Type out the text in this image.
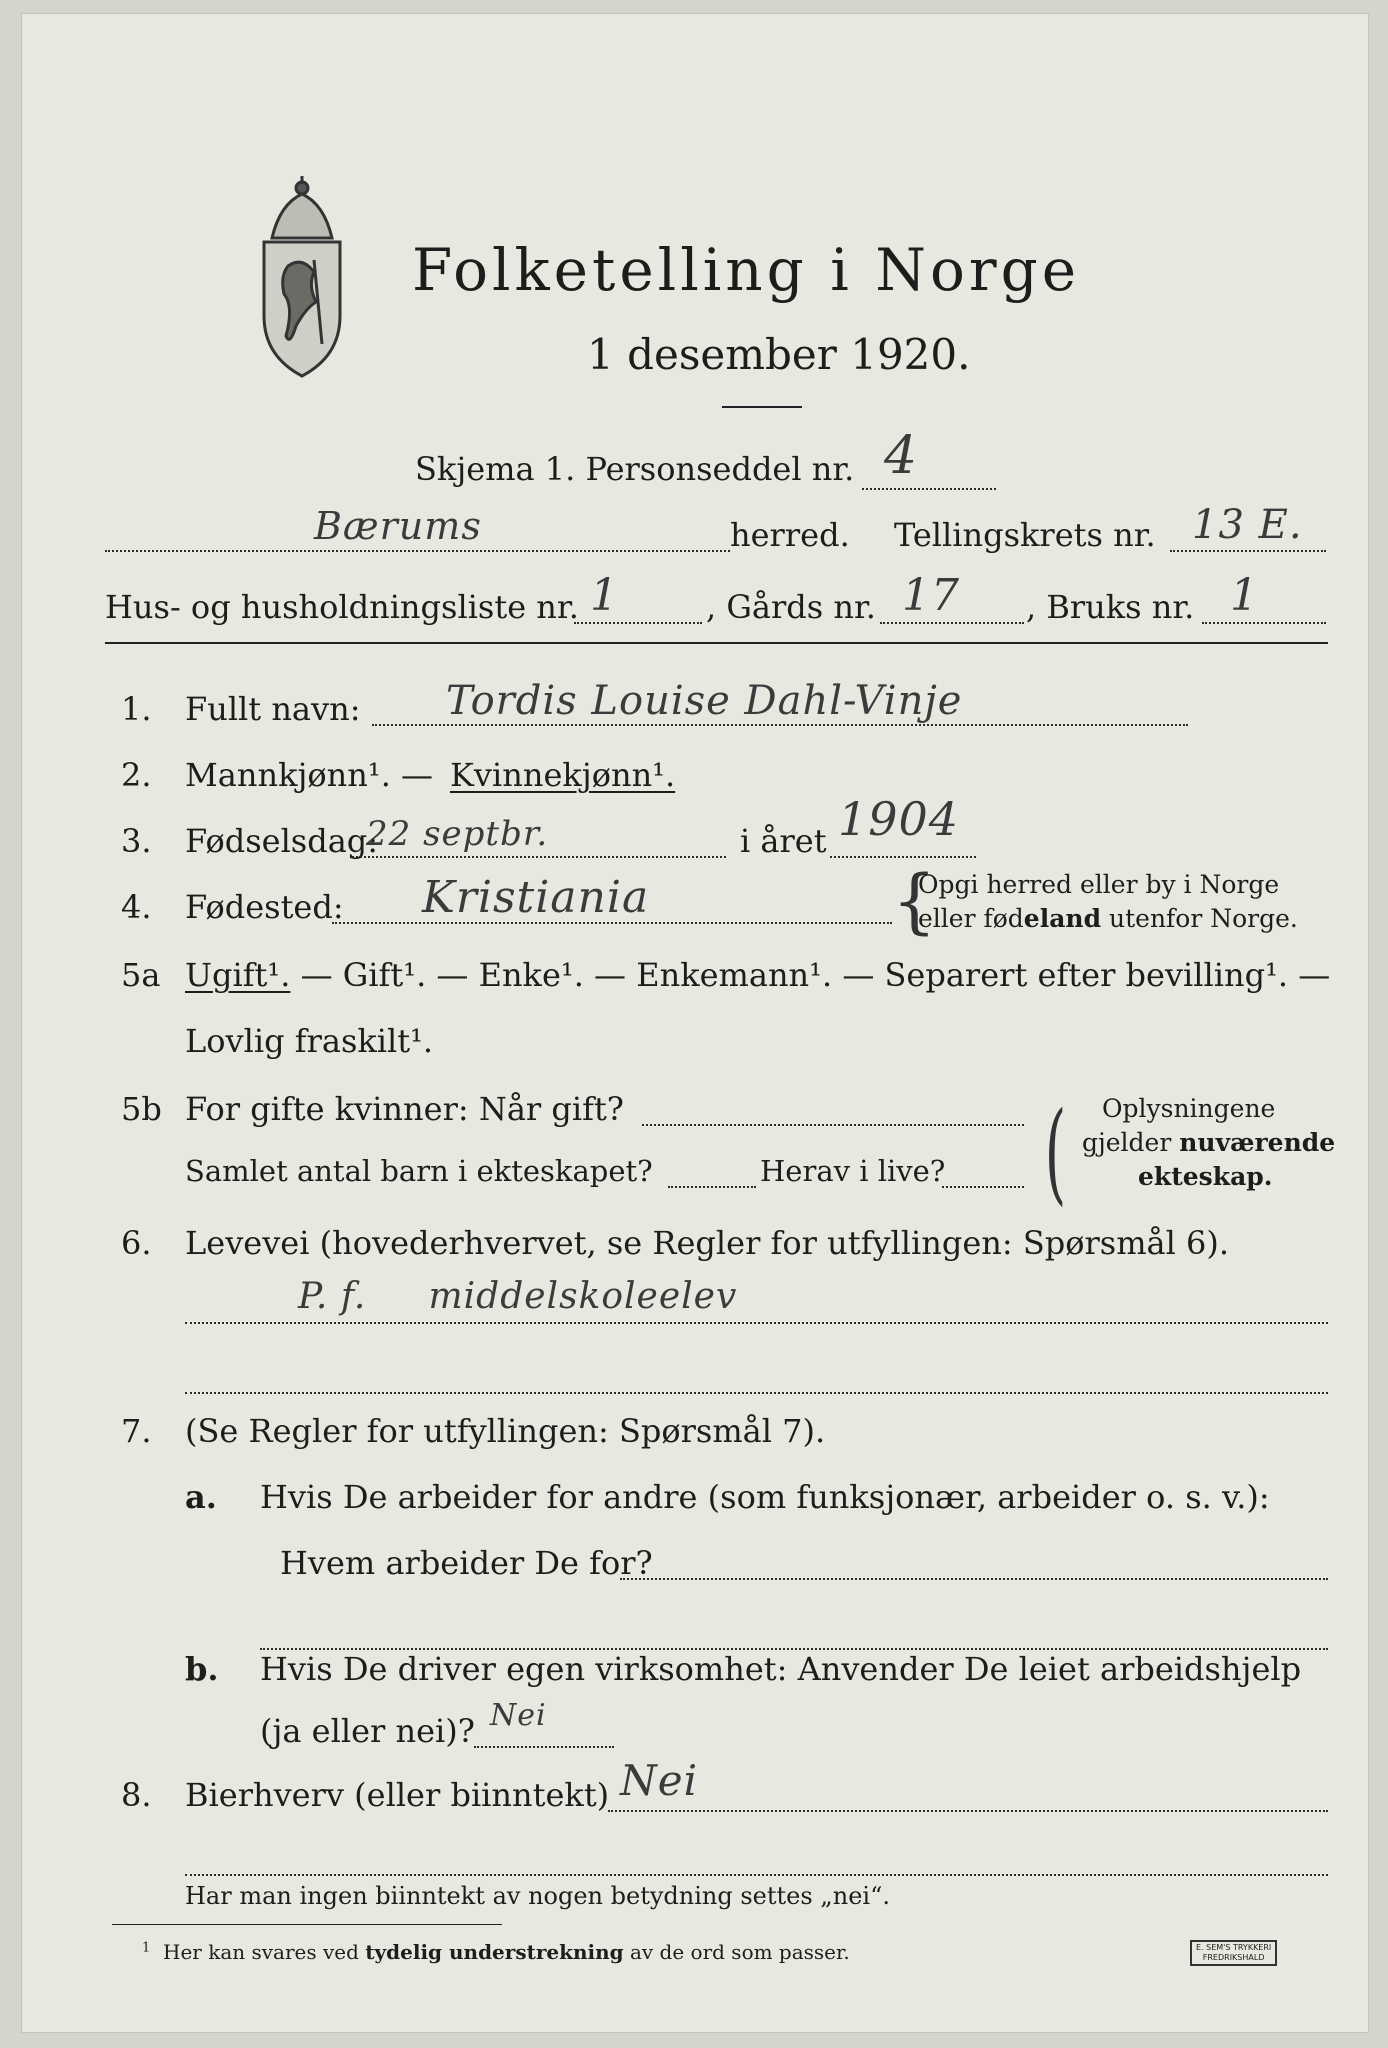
Folketelling i Norge
1 desember 1920.
Skjema 1. Personseddel nr. 4
Bærums	herred. Tellingskrets nr. 13 E.
Hus- og husholdningsliste nr. 1	, Gårds nr. 17 , Bruks nr. 1
1. Fullt navn: Tordis Louise Dahl-Vinje
2. Mannkjønn¹. — Kvinnekjønn¹.
3. Fødselsdag:
22 septbr.	i året 1904
4. Fødested: Kristiania	{
Opgi herred eller by i Norge
eller fødeland utenfor Norge.
5a Ugift¹. — Gift¹. — Enke¹. — Enkemann¹. — Separert efter bevilling¹. —
Lovlig fraskilt¹.
5b For gifte kvinner: Når gift?
Samlet antal barn i ekteskapet?	Herav i live? ( Oplysningene
gjelder nuværende
ekteskap.
6. Levevei (hovederhvervet, se Regler for utfyllingen: Spørsmål 6).
P. f.     middelskoleelev
7. (Se Regler for utfyllingen: Spørsmål 7).
a. Hvis De arbeider for andre (som funksjonær, arbeider o. s. v.):
Hvem arbeider De for?
b. Hvis De driver egen virksomhet: Anvender De leiet arbeidshjelp
(ja eller nei)? Nei
8. Bierhverv (eller biinntekt) Nei
Har man ingen biinntekt av nogen betydning settes „nei“.
$^1$ Her kan svares ved tydelig understrekning av de ord som passer.	E. SEM'S TRYKKERI
FREDRIKSHALD
